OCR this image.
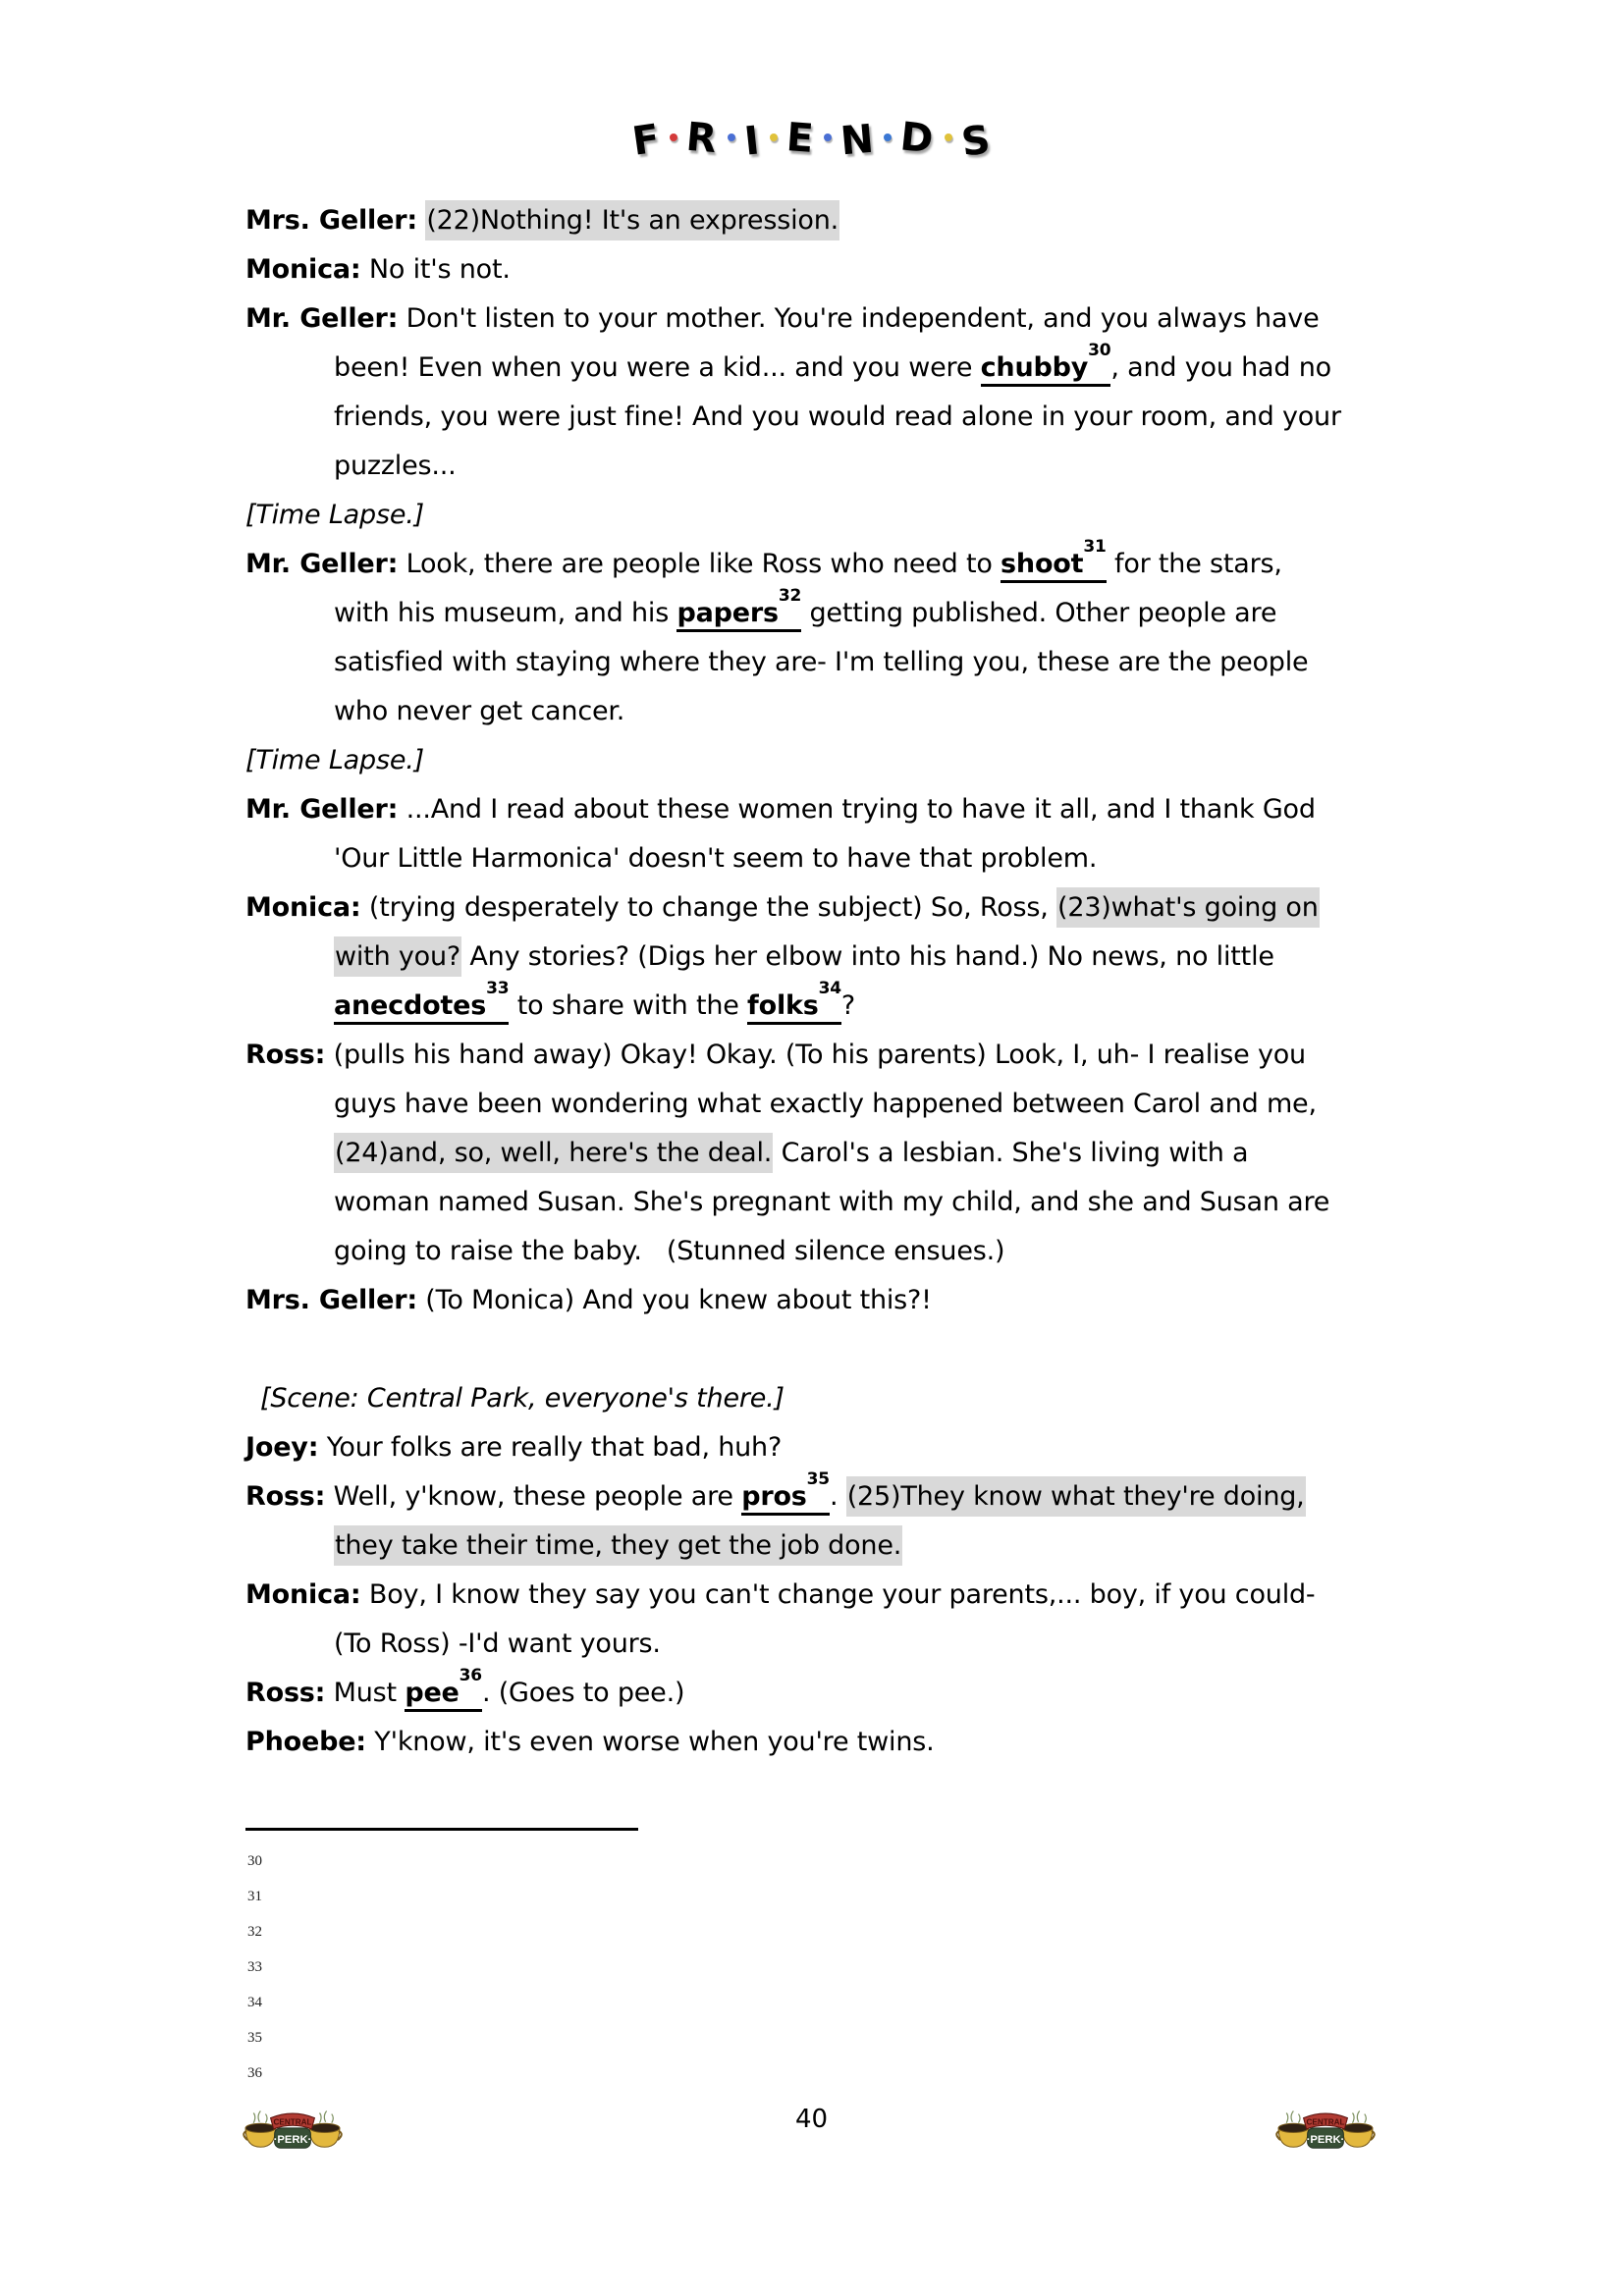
F R I E N D S
Mrs. Geller: (22)Nothing! It's an expression.
Monica: No it's not.
Mr. Geller: Don't listen to your mother. You're independent, and you always have
been! Even when you were a kid... and you were chubby$^{30}$, and you had no
friends, you were just fine! And you would read alone in your room, and your
puzzles...
[Time Lapse.]
Mr. Geller: Look, there are people like Ross who need to shoot$^{31}$ for the stars,
with his museum, and his papers$^{32}$ getting published. Other people are
satisfied with staying where they are- I'm telling you, these are the people
who never get cancer.
[Time Lapse.]
Mr. Geller: ...And I read about these women trying to have it all, and I thank God
'Our Little Harmonica' doesn't seem to have that problem.
Monica: (trying desperately to change the subject) So, Ross, (23)what's going on
with you? Any stories? (Digs her elbow into his hand.) No news, no little
anecdotes$^{33}$ to share with the folks$^{34}$?
Ross: (pulls his hand away) Okay! Okay. (To his parents) Look, I, uh- I realise you
guys have been wondering what exactly happened between Carol and me,
(24)and, so, well, here's the deal. Carol's a lesbian. She's living with a
woman named Susan. She's pregnant with my child, and she and Susan are
going to raise the baby.   (Stunned silence ensues.)
Mrs. Geller: (To Monica) And you knew about this?!
[Scene: Central Park, everyone's there.]
Joey: Your folks are really that bad, huh?
Ross: Well, y'know, these people are pros$^{35}$. (25)They know what they're doing,
they take their time, they get the job done.
Monica: Boy, I know they say you can't change your parents,... boy, if you could-
(To Ross) -I'd want yours.
Ross: Must pee$^{36}$. (Goes to pee.)
Phoebe: Y'know, it's even worse when you're twins.
30
31
32
33
34
35
36
40
CENTRAL
·PERK·
CENTRAL
·PERK·
